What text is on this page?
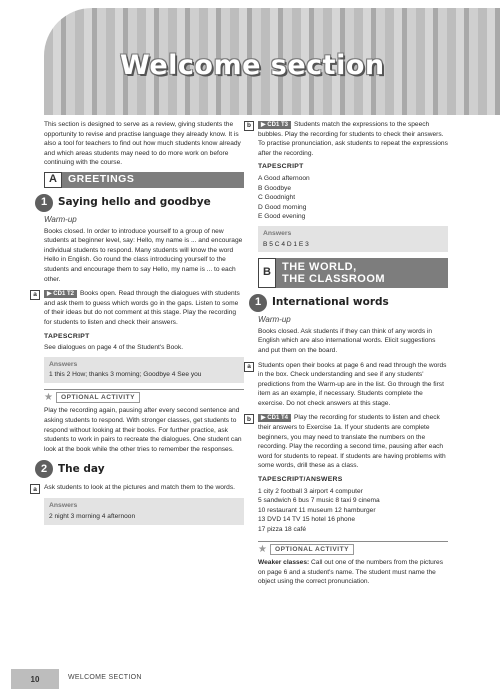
Welcome section
This section is designed to serve as a review, giving students the opportunity to revise and practise language they already know. It is also a tool for teachers to find out how much students know already and which areas students may need to do more work on before continuing with the course.
A	GREETINGS
1	Saying hello and goodbye
Warm-up
Books closed. In order to introduce yourself to a group of new students at beginner level, say: Hello, my name is ... and encourage individual students to respond. Many students will know the word Hello in English. Go round the class introducing yourself to the students and encourage them to say Hello, my name is ... to each other.
a	▶ CD1 T2 Books open. Read through the dialogues with students and ask them to guess which words go in the gaps. Listen to some of their ideas but do not comment at this stage. Play the recording for students to listen and check their answers.
TAPESCRIPT
See dialogues on page 4 of the Student's Book.
Answers
1 this 2 How; thanks 3 morning; Goodbye 4 See you
★	OPTIONAL ACTIVITY
Play the recording again, pausing after every second sentence and asking students to respond. With stronger classes, get students to respond without looking at their books. For further practice, ask students to work in pairs to recreate the dialogues. One student can look at the book while the other tries to remember the responses.
2	The day
a	Ask students to look at the pictures and match them to the words.
Answers
2 night 3 morning 4 afternoon
b	▶ CD1 T3 Students match the expressions to the speech bubbles. Play the recording for students to check their answers. To practise pronunciation, ask students to repeat the expressions after the recording.
TAPESCRIPT
A Good afternoon
B Goodbye
C Goodnight
D Good morning
E Good evening
Answers
B 5 C 4 D 1 E 3
B	THE WORLD,
THE CLASSROOM
1	International words
Warm-up
Books closed. Ask students if they can think of any words in English which are also international words. Elicit suggestions and put them on the board.
a	Students open their books at page 6 and read through the words in the box. Check understanding and see if any students' predictions from the Warm-up are in the list. Go through the first item as an example, if necessary. Students complete the exercise. Do not check answers at this stage.
b	▶ CD1 T4 Play the recording for students to listen and check their answers to Exercise 1a. If your students are complete beginners, you may need to translate the numbers on the recording. Play the recording a second time, pausing after each word for students to repeat. If students are having problems with some words, drill these as a class.
TAPESCRIPT/ANSWERS
1 city 2 football 3 airport 4 computer
5 sandwich 6 bus 7 music 8 taxi 9 cinema
10 restaurant 11 museum 12 hamburger
13 DVD 14 TV 15 hotel 16 phone
17 pizza 18 café
★	OPTIONAL ACTIVITY
Weaker classes: Call out one of the numbers from the pictures on page 6 and a student's name. The student must name the object using the correct pronunciation.
10	WELCOME SECTION
